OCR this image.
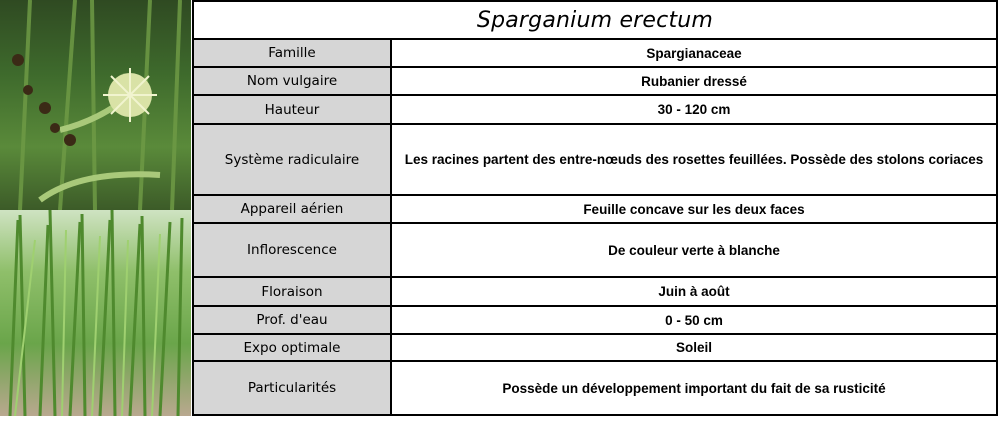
Sparganium erectum
Famille	Spargianaceae
Nom vulgaire	Rubanier dressé
Hauteur	30 - 120 cm
Système radiculaire	Les racines partent des entre-nœuds des rosettes feuillées. Possède des stolons coriaces
Appareil aérien	Feuille concave sur les deux faces
Inflorescence	De couleur verte à blanche
Floraison	Juin à août
Prof. d'eau	0 - 50 cm
Expo optimale	Soleil
Particularités	Possède un développement important du fait de sa rusticité
